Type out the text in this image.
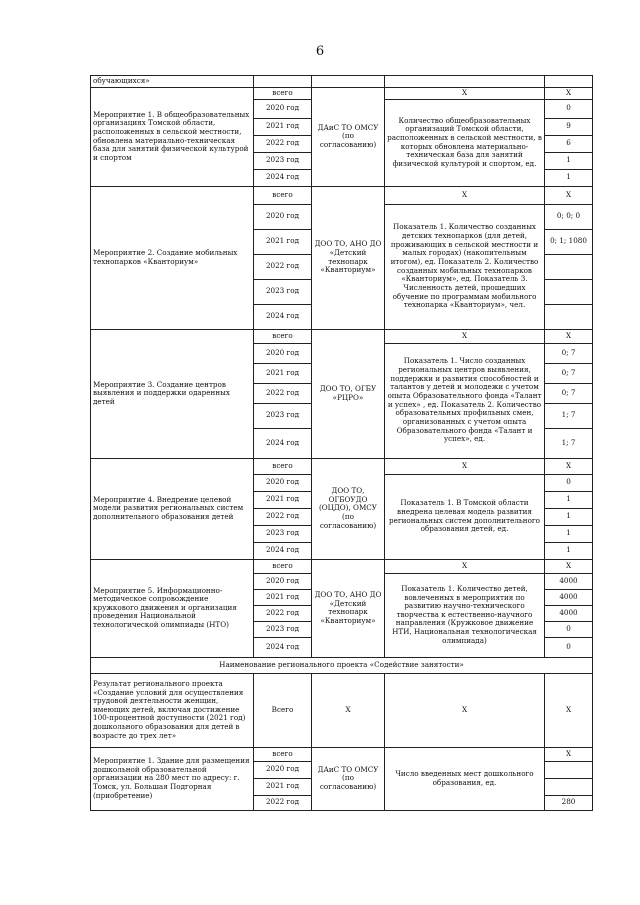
6
обучающихся»				
Мероприятие 1. В общеобразовательных организациях Томской области, расположенных в сельской местности, обновлена материально-техническая база для занятий физической культурой и спортом	всего	ДАиС ТО ОМСУ (по согласованию)	X	X
	2020 год		Количество общеобразовательных организаций Томской области, расположенных в сельской местности, в которых обновлена материально-техническая база для занятий физической культурой и спортом, ед.	0
	2021 год			9
	2022 год			6
	2023 год			1
	2024 год			1
Мероприятие 2. Создание мобильных технопарков «Кванториум»	всего	ДОО ТО, АНО ДО «Детский технопарк «Кванториум»	X	X
	2020 год		Показатель 1. Количество созданных детских технопарков (для детей, проживающих в сельской местности и малых городах) (накопительным итогом), ед. Показатель 2. Количество созданных мобильных технопарков «Кванториум», ед. Показатель 3. Численность детей, прошедших обучение по программам мобильного технопарка «Кванториум», чел.	0; 0; 0
	2021 год			0; 1; 1080
	2022 год			
	2023 год			
	2024 год			
Мероприятие 3. Создание центров выявления и поддержки одаренных детей	всего	ДОО ТО, ОГБУ «РЦРО»	X	X
	2020 год		Показатель 1. Число созданных региональных центров выявления, поддержки и развития способностей и талантов у детей и молодежи с учетом опыта Образовательного фонда «Талант и успех» , ед. Показатель 2. Количество образовательных профильных смен, организованных с учетом опыта Образовательного фонда «Талант и успех», ед.	0; 7
	2021 год			0; 7
	2022 год			0; 7
	2023 год			1; 7
	2024 год			1; 7
Мероприятие 4. Внедрение целевой модели развития региональных систем дополнительного образования детей	всего	ДОО ТО, ОГБОУДО (ОЦДО), ОМСУ (по согласованию)	X	X
	2020 год		Показатель 1. В Томской области внедрена целевая модель развития региональных систем дополнительного образования детей, ед.	0
	2021 год			1
	2022 год			1
	2023 год			1
	2024 год			1
Мероприятие 5. Информационно-методическое сопровождение кружкового движения и организация проведения Национальной технологической олимпиады (НТО)	всего	ДОО ТО, АНО ДО «Детский технопарк «Кванториум»	X	X
	2020 год		Показатель 1. Количество детей, вовлеченных в мероприятия по развитию научно-технического творчества к естественно-научного направления (Кружковое движение НТИ, Национальная технологическая олимпиада)	4000
	2021 год			4000
	2022 год			4000
	2023 год			0
	2024 год			0
Наименование регионального проекта «Содействие занятости»				
Результат регионального проекта «Создание условий для осуществления трудовой деятельности женщин, имеющих детей, включая достижение 100-процентной доступности (2021 год) дошкольного образования для детей в возрасте до трех лет»	Всего	X	X	X
Мероприятие 1. Здание для размещения дошкольной образовательной организации на 280 мест по адресу: г. Томск, ул. Большая Подгорная (приобретение)	всего	ДАиС ТО ОМСУ (по согласованию)	Число введенных мест дошкольного образования, ед.	X
	2020 год			
	2021 год			
	2022 год			280
